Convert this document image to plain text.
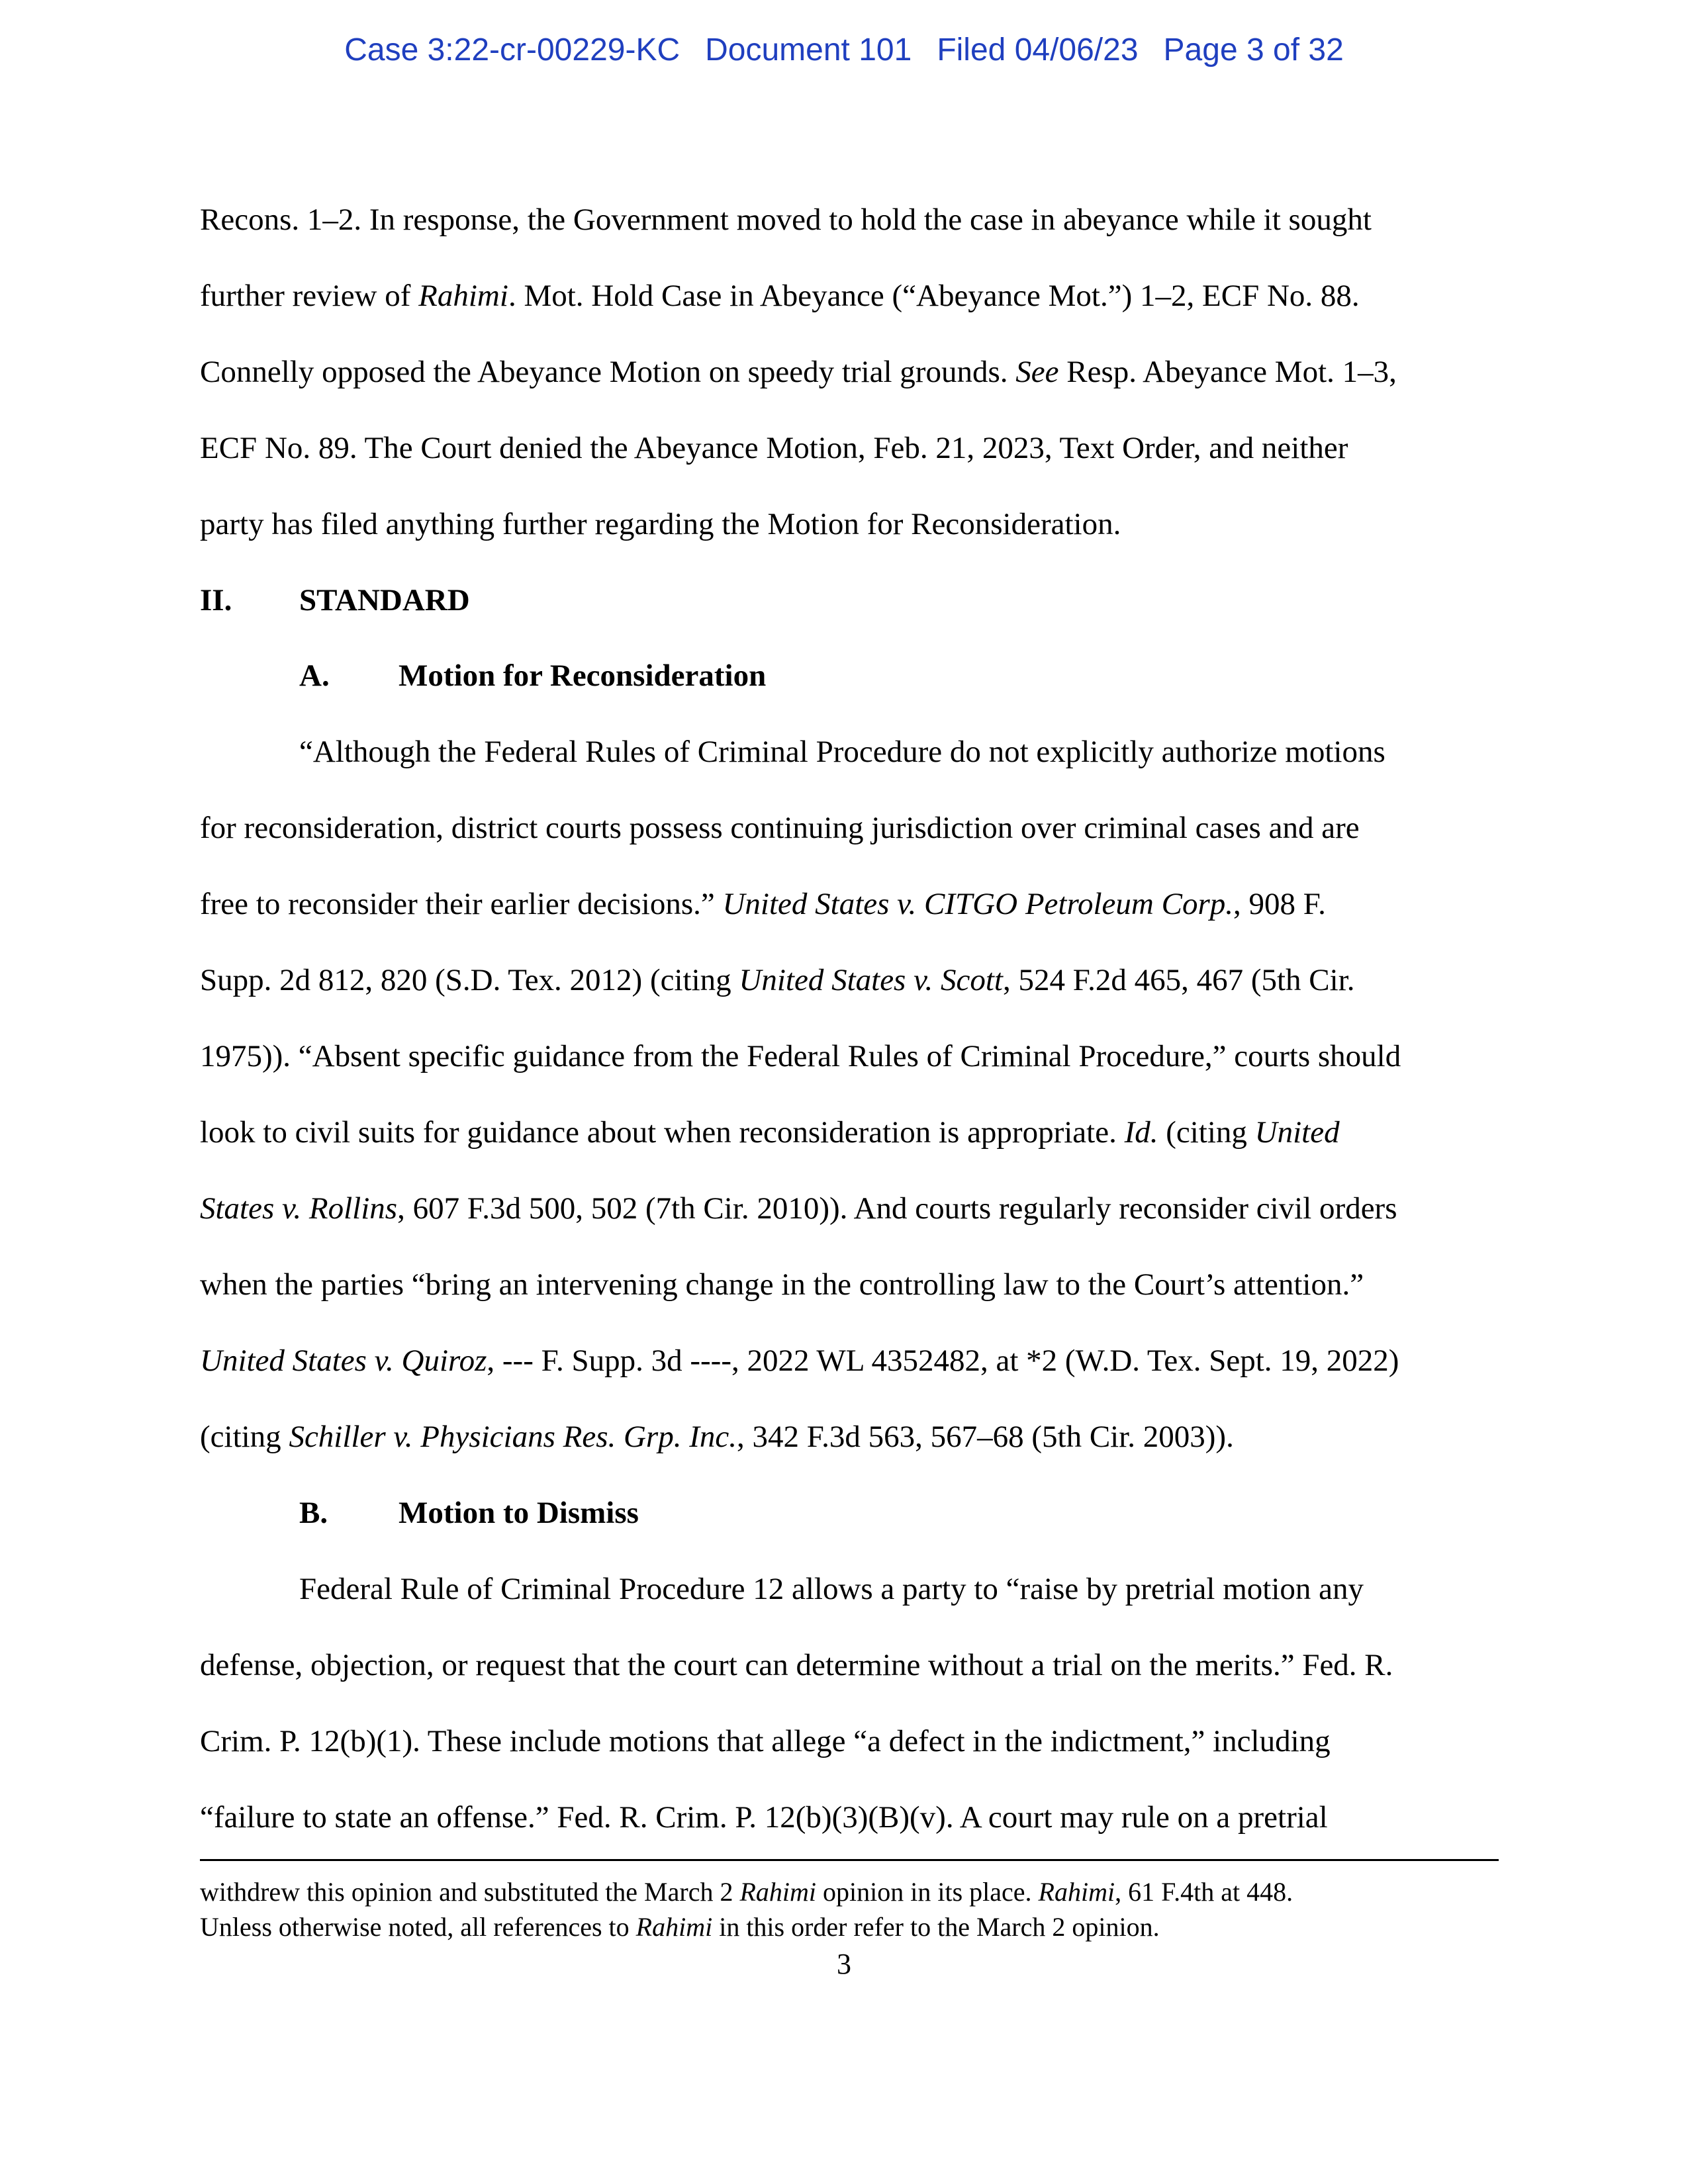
Case 3:22-cr-00229-KC Document 101 Filed 04/06/23 Page 3 of 32

Recons. 1–2. In response, the Government moved to hold the case in abeyance while it sought

further review of Rahimi. Mot. Hold Case in Abeyance (“Abeyance Mot.”) 1–2, ECF No. 88.

Connelly opposed the Abeyance Motion on speedy trial grounds. See Resp. Abeyance Mot. 1–3,

ECF No. 89. The Court denied the Abeyance Motion, Feb. 21, 2023, Text Order, and neither

party has filed anything further regarding the Motion for Reconsideration.

II. STANDARD
A. Motion for Reconsideration

“Although the Federal Rules of Criminal Procedure do not explicitly authorize motions

for reconsideration, district courts possess continuing jurisdiction over criminal cases and are

free to reconsider their earlier decisions.” United States v. CITGO Petroleum Corp., 908 F.

Supp. 2d 812, 820 (S.D. Tex. 2012) (citing United States v. Scott, 524 F.2d 465, 467 (5th Cir.

1975)). “Absent specific guidance from the Federal Rules of Criminal Procedure,” courts should

look to civil suits for guidance about when reconsideration is appropriate. Id. (citing United

States v. Rollins, 607 F.3d 500, 502 (7th Cir. 2010)). And courts regularly reconsider civil orders

when the parties “bring an intervening change in the controlling law to the Court’s attention.”

United States v. Quiroz, --- F. Supp. 3d ----, 2022 WL 4352482, at *2 (W.D. Tex. Sept. 19, 2022)

(citing Schiller v. Physicians Res. Grp. Inc., 342 F.3d 563, 567–68 (5th Cir. 2003)).

B. Motion to Dismiss

Federal Rule of Criminal Procedure 12 allows a party to “raise by pretrial motion any

defense, objection, or request that the court can determine without a trial on the merits.” Fed. R.

Crim. P. 12(b)(1). These include motions that allege “a defect in the indictment,” including

“failure to state an offense.” Fed. R. Crim. P. 12(b)(3)(B)(v). A court may rule on a pretrial

withdrew this opinion and substituted the March 2 Rahimi opinion in its place. Rahimi, 61 F.4th at 448.

Unless otherwise noted, all references to Rahimi in this order refer to the March 2 opinion.

3
